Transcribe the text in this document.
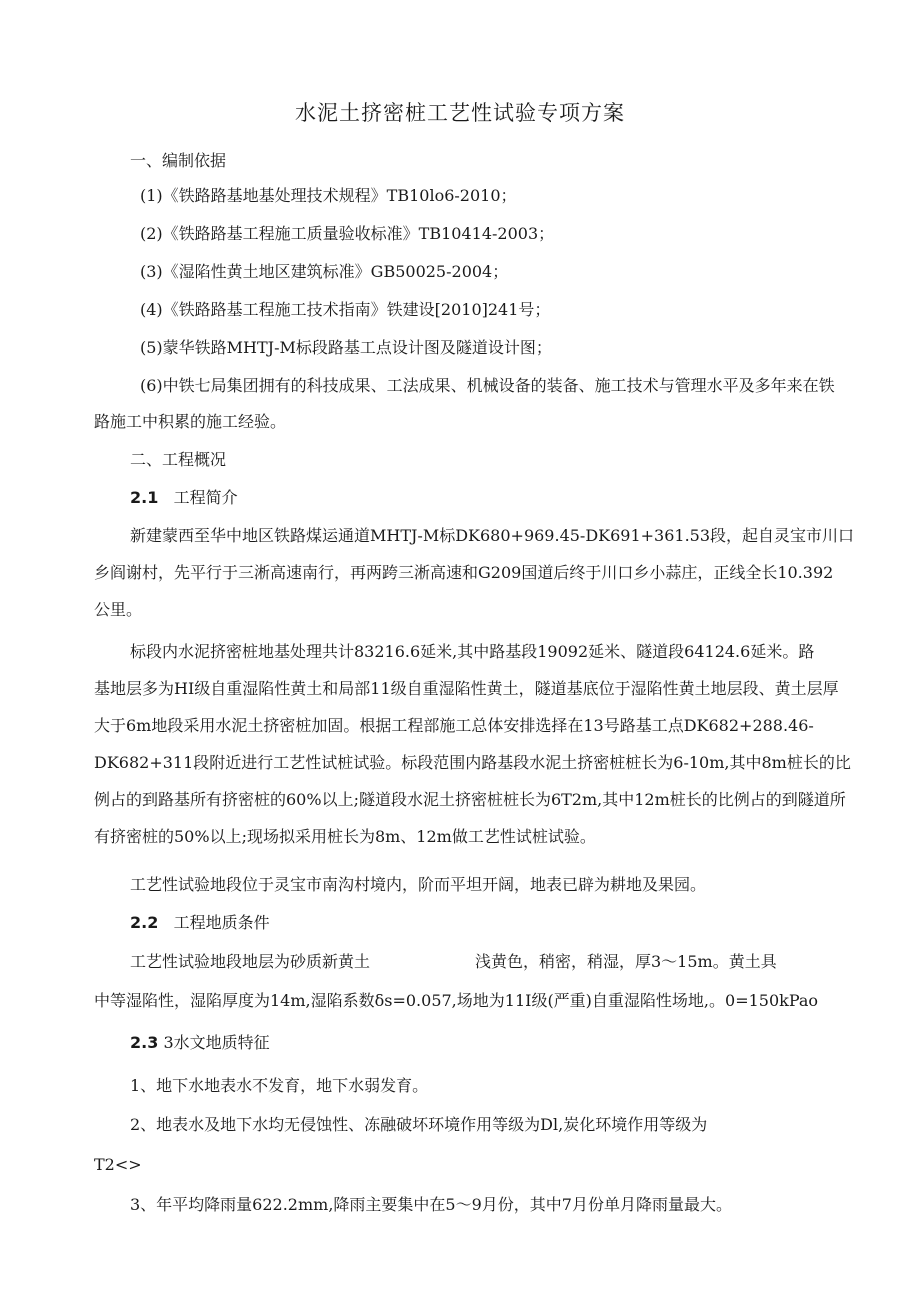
水泥土挤密桩工艺性试验专项方案
一、编制依据
(1)《铁路路基地基处理技术规程》TB10lo6-2010；
(2)《铁路路基工程施工质量验收标准》TB10414-2003；
(3)《湿陷性黄土地区建筑标准》GB50025-2004；
(4)《铁路路基工程施工技术指南》铁建设[2010]241号；
(5)蒙华铁路MHTJ-M标段路基工点设计图及隧道设计图；
(6)中铁七局集团拥有的科技成果、工法成果、机械设备的装备、施工技术与管理水平及多年来在铁
路施工中积累的施工经验。
二、工程概况
2.1 工程简介
新建蒙西至华中地区铁路煤运通道MHTJ-M标DK680+969.45-DK691+361.53段，起自灵宝市川口
乡阎谢村，先平行于三淅高速南行，再两跨三淅高速和G209国道后终于川口乡小蒜庄，正线全长10.392
公里。
标段内水泥挤密桩地基处理共计83216.6延米,其中路基段19092延米、隧道段64124.6延米。路
基地层多为HI级自重湿陷性黄土和局部11级自重湿陷性黄土，隧道基底位于湿陷性黄土地层段、黄土层厚
大于6m地段采用水泥土挤密桩加固。根据工程部施工总体安排选择在13号路基工点DK682+288.46-
DK682+311段附近进行工艺性试桩试验。标段范围内路基段水泥土挤密桩桩长为6-10m,其中8m桩长的比
例占的到路基所有挤密桩的60%以上;隧道段水泥土挤密桩桩长为6T2m,其中12m桩长的比例占的到隧道所
有挤密桩的50%以上;现场拟采用桩长为8m、12m做工艺性试桩试验。
工艺性试验地段位于灵宝市南沟村境内，阶而平坦开阔，地表已辟为耕地及果园。
2.2 工程地质条件
工艺性试验地段地层为砂质新黄土	浅黄色，稍密，稍湿，厚3～15m。黄土具
中等湿陷性，湿陷厚度为14m,湿陷系数δs=0.057,场地为11I级(严重)自重湿陷性场地,。0=150kPao
2.3 3水文地质特征
1、地下水地表水不发育，地下水弱发育。
2、地表水及地下水均无侵蚀性、冻融破坏环境作用等级为Dl,炭化环境作用等级为
T2<>
3、年平均降雨量622.2mm,降雨主要集中在5～9月份，其中7月份单月降雨量最大。
